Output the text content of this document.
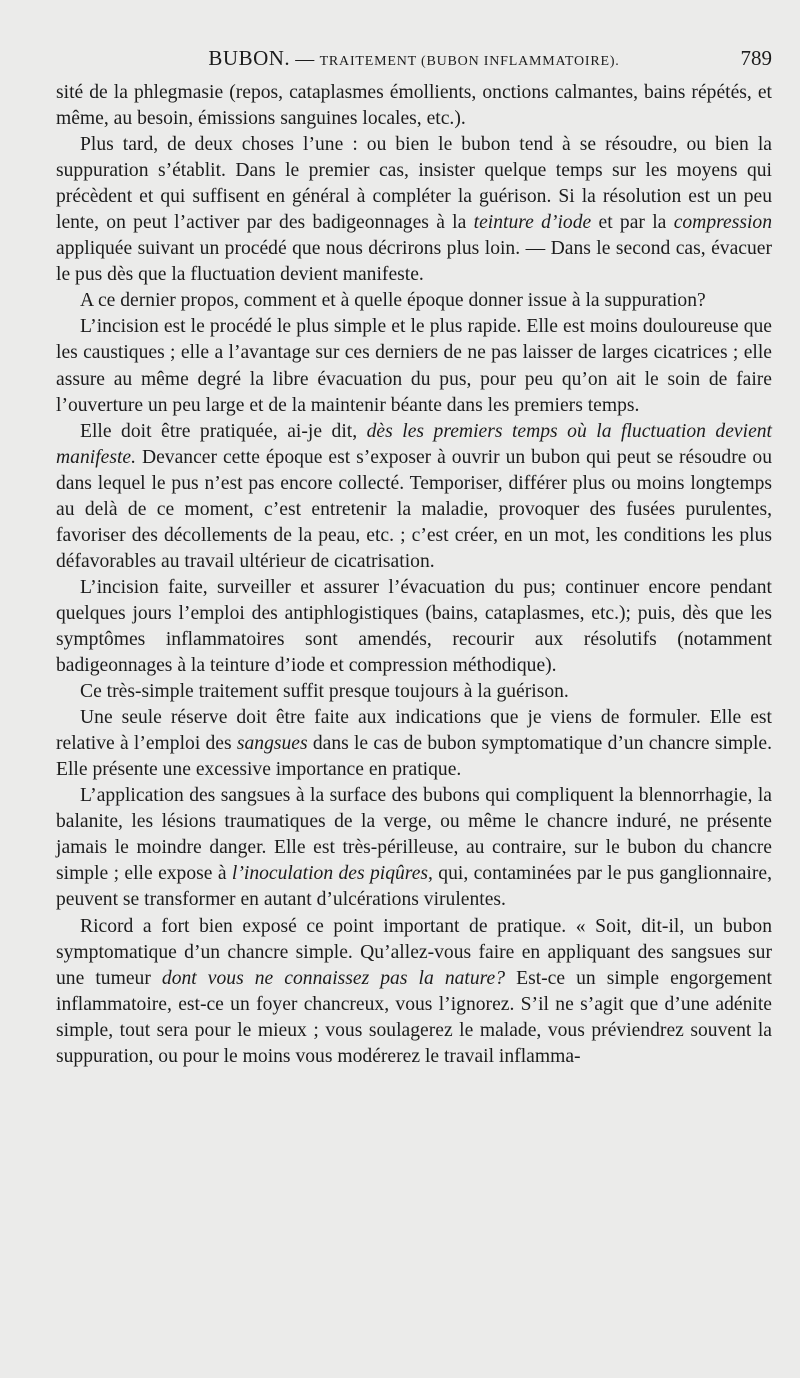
BUBON. — TRAITEMENT (BUBON INFLAMMATOIRE).	789

sité de la phlegmasie (repos, cataplasmes émollients, onctions calmantes, bains répétés, et même, au besoin, émissions sanguines locales, etc.).

Plus tard, de deux choses l’une : ou bien le bubon tend à se résoudre, ou bien la suppuration s’établit. Dans le premier cas, insister quelque temps sur les moyens qui précèdent et qui suffisent en général à compléter la guérison. Si la résolution est un peu lente, on peut l’activer par des badigeonnages à la teinture d’iode et par la compression appliquée suivant un procédé que nous décrirons plus loin. — Dans le second cas, évacuer le pus dès que la fluctuation devient manifeste.

A ce dernier propos, comment et à quelle époque donner issue à la suppuration?

L’incision est le procédé le plus simple et le plus rapide. Elle est moins douloureuse que les caustiques ; elle a l’avantage sur ces derniers de ne pas laisser de larges cicatrices ; elle assure au même degré la libre évacuation du pus, pour peu qu’on ait le soin de faire l’ouverture un peu large et de la maintenir béante dans les premiers temps.

Elle doit être pratiquée, ai-je dit, dès les premiers temps où la fluctuation devient manifeste. Devancer cette époque est s’exposer à ouvrir un bubon qui peut se résoudre ou dans lequel le pus n’est pas encore collecté. Temporiser, différer plus ou moins longtemps au delà de ce moment, c’est entretenir la maladie, provoquer des fusées purulentes, favoriser des décollements de la peau, etc. ; c’est créer, en un mot, les conditions les plus défavorables au travail ultérieur de cicatrisation.

L’incision faite, surveiller et assurer l’évacuation du pus; continuer encore pendant quelques jours l’emploi des antiphlogistiques (bains, cataplasmes, etc.); puis, dès que les symptômes inflammatoires sont amendés, recourir aux résolutifs (notamment badigeonnages à la teinture d’iode et compression méthodique).

Ce très-simple traitement suffit presque toujours à la guérison.

Une seule réserve doit être faite aux indications que je viens de formuler. Elle est relative à l’emploi des sangsues dans le cas de bubon symptomatique d’un chancre simple. Elle présente une excessive importance en pratique.

L’application des sangsues à la surface des bubons qui compliquent la blennorrhagie, la balanite, les lésions traumatiques de la verge, ou même le chancre induré, ne présente jamais le moindre danger. Elle est très-périlleuse, au contraire, sur le bubon du chancre simple ; elle expose à l’inoculation des piqûres, qui, contaminées par le pus ganglionnaire, peuvent se transformer en autant d’ulcérations virulentes.

Ricord a fort bien exposé ce point important de pratique. « Soit, dit-il, un bubon symptomatique d’un chancre simple. Qu’allez-vous faire en appliquant des sangsues sur une tumeur dont vous ne connaissez pas la nature? Est-ce un simple engorgement inflammatoire, est-ce un foyer chancreux, vous l’ignorez. S’il ne s’agit que d’une adénite simple, tout sera pour le mieux ; vous soulagerez le malade, vous préviendrez souvent la suppuration, ou pour le moins vous modérerez le travail inflamma-
